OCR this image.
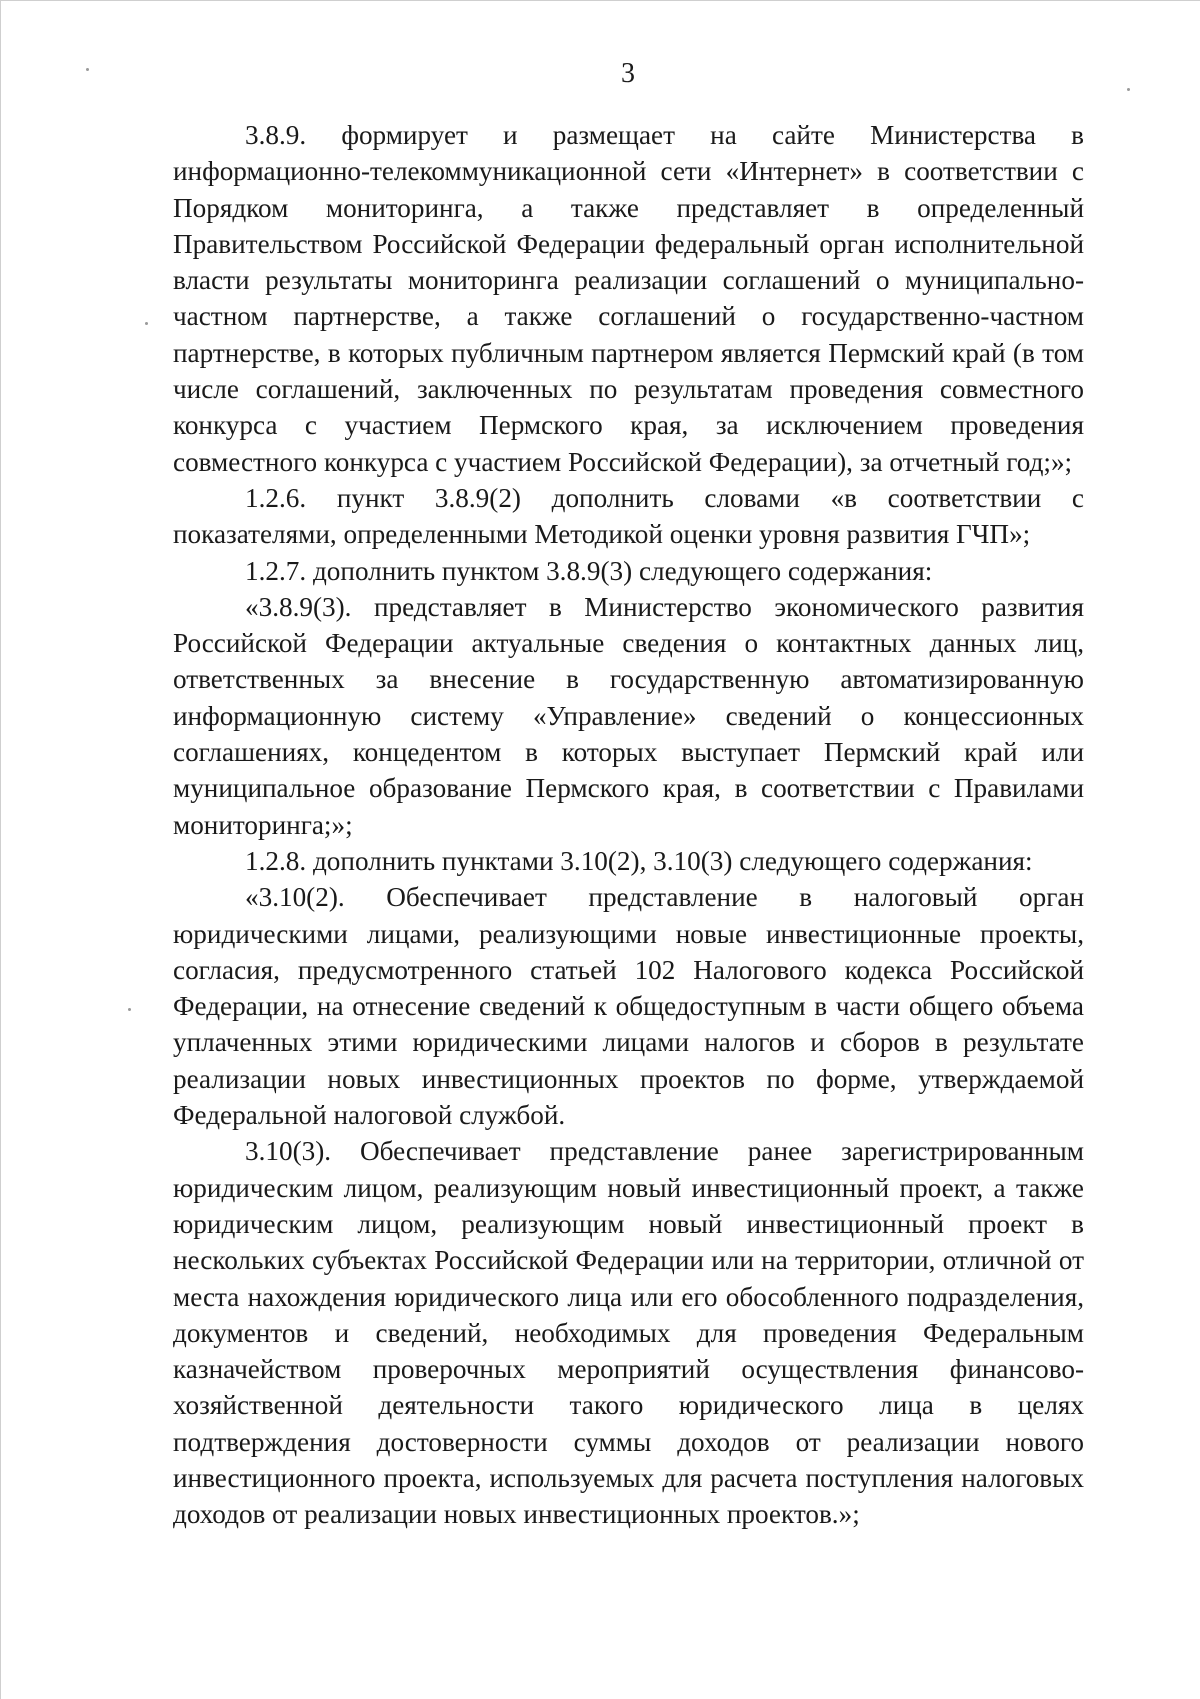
3

3.8.9. формирует и размещает на сайте Министерства в информационно-телекоммуникационной сети «Интернет» в соответствии с Порядком мониторинга, а также представляет в определенный Правительством Российской Федерации федеральный орган исполнительной власти результаты мониторинга реализации соглашений о муниципально-частном партнерстве, а также соглашений о государственно-частном партнерстве, в которых публичным партнером является Пермский край (в том числе соглашений, заключенных по результатам проведения совместного конкурса с участием Пермского края, за исключением проведения совместного конкурса с участием Российской Федерации), за отчетный год;»;

1.2.6. пункт 3.8.9(2) дополнить словами «в соответствии с показателями, определенными Методикой оценки уровня развития ГЧП»;

1.2.7. дополнить пунктом 3.8.9(3) следующего содержания:

«3.8.9(3). представляет в Министерство экономического развития Российской Федерации актуальные сведения о контактных данных лиц, ответственных за внесение в государственную автоматизированную информационную систему «Управление» сведений о концессионных соглашениях, концедентом в которых выступает Пермский край или муниципальное образование Пермского края, в соответствии с Правилами мониторинга;»;

1.2.8. дополнить пунктами 3.10(2), 3.10(3) следующего содержания:

«3.10(2). Обеспечивает представление в налоговый орган юридическими лицами, реализующими новые инвестиционные проекты, согласия, предусмотренного статьей 102 Налогового кодекса Российской Федерации, на отнесение сведений к общедоступным в части общего объема уплаченных этими юридическими лицами налогов и сборов в результате реализации новых инвестиционных проектов по форме, утверждаемой Федеральной налоговой службой.

3.10(3). Обеспечивает представление ранее зарегистрированным юридическим лицом, реализующим новый инвестиционный проект, а также юридическим лицом, реализующим новый инвестиционный проект в нескольких субъектах Российской Федерации или на территории, отличной от места нахождения юридического лица или его обособленного подразделения, документов и сведений, необходимых для проведения Федеральным казначейством проверочных мероприятий осуществления финансово-хозяйственной деятельности такого юридического лица в целях подтверждения достоверности суммы доходов от реализации нового инвестиционного проекта, используемых для расчета поступления налоговых доходов от реализации новых инвестиционных проектов.»;
